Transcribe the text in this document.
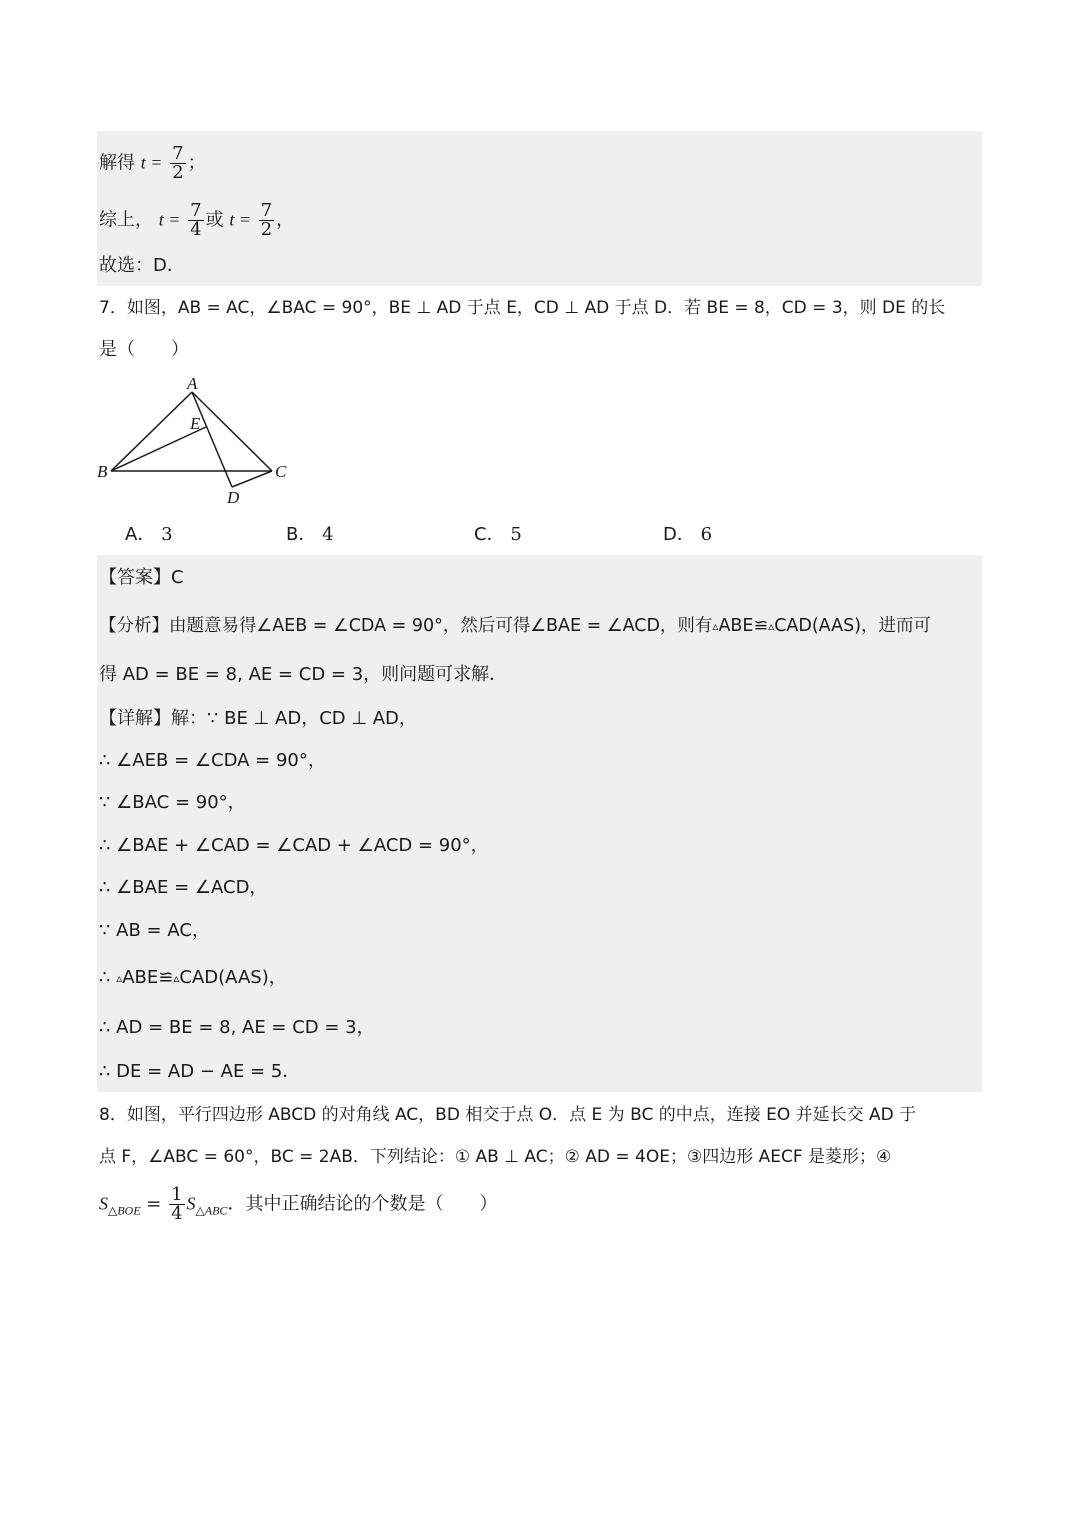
解得 $t = \frac{7}{2}$ ；
综上， $t = \frac{7}{4}$ 或 $t = \frac{7}{2}$ ，
故选：D．
7．如图，AB = AC，∠BAC = 90°，BE ⊥ AD 于点 E，CD ⊥ AD 于点 D．若 BE = 8，CD = 3，则 DE 的长
是（　　）
A
E
B	C
D
A． 3	B． 4	C． 5	D． 6
【答案】C
【分析】由题意易得∠AEB = ∠CDA = 90°，然后可得∠BAE = ∠ACD，则有▵ABE≌▵CAD(AAS)，进而可
得 AD = BE = 8, AE = CD = 3，则问题可求解．
【详解】解：∵ BE ⊥ AD，CD ⊥ AD，
∴ ∠AEB = ∠CDA = 90°，
∵ ∠BAC = 90°，
∴ ∠BAE + ∠CAD = ∠CAD + ∠ACD = 90°，
∴ ∠BAE = ∠ACD，
∵ AB = AC，
∴ ▵ABE≌▵CAD(AAS)，
∴ AD = BE = 8, AE = CD = 3，
∴ DE = AD − AE = 5．
8．如图，平行四边形 ABCD 的对角线 AC，BD 相交于点 O．点 E 为 BC 的中点，连接 EO 并延长交 AD 于
点 F，∠ABC = 60°，BC = 2AB．下列结论：① AB ⊥ AC；② AD = 4OE；③四边形 AECF 是菱形；④
$S_{\triangle BOE} = \frac{1}{4} S_{\triangle ABC}$．其中正确结论的个数是（　　）
